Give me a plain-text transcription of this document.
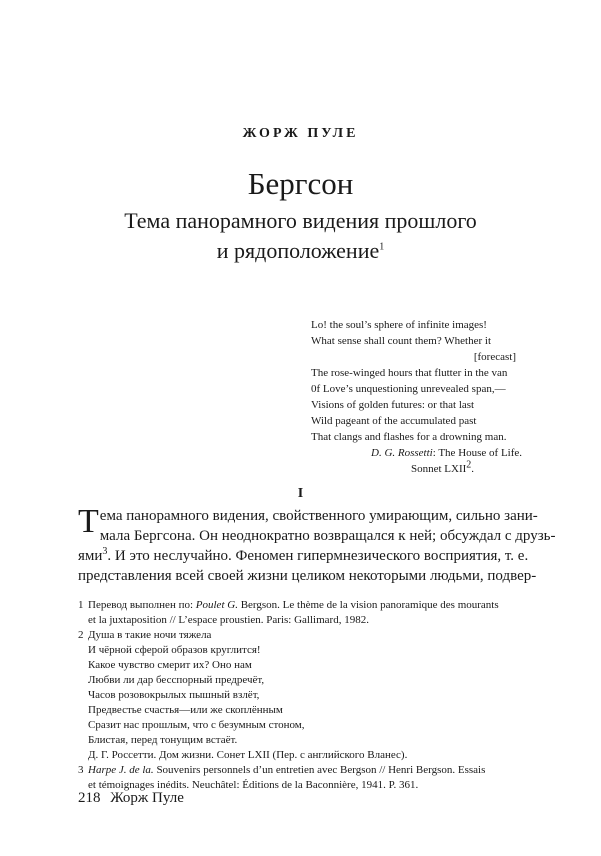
ЖОРЖ ПУЛЕ
Бергсон
Тема панорамного видения прошлого
и рядоположение$^1$
Lo! the soul’s sphere of infinite images!
What sense shall count them? Whether it
[forecast]
The rose-winged hours that flutter in the van
0f Love’s unquestioning unrevealed span,—
Visions of golden futures: or that last
Wild pageant of the accumulated past
That clangs and flashes for a drowning man.
D. G. Rossetti: The House of Life.
Sonnet LXII$^2$.
I
Т ема панорамного видения, свойственного умирающим, сильно зани-
мала Бергсона. Он неоднократно возвращался к ней; обсуждал с друзь-
ями$^3$. И это неслучайно. Феномен гипермнезического восприятия, т. е.
представления всей своей жизни целиком некоторыми людьми, подвер-
1 Перевод выполнен по: Poulet G. Bergson. Le thème de la vision panoramique des mourants
et la juxtaposition // L’espace proustien. Paris: Gallimard, 1982.
2 Душа в такие ночи тяжела
И чёрной сферой образов круглится!
Какое чувство смерит их? Оно нам
Любви ли дар бесспорный предречёт,
Часов розовокрылых пышный взлёт,
Предвестье счастья—или же скоплённым
Сразит нас прошлым, что с безумным стоном,
Блистая, перед тонущим встаёт.
Д. Г. Россетти. Дом жизни. Сонет LXII (Пер. с английского Вланес).
3 Harpe J. de la. Souvenirs personnels d’un entretien avec Bergson // Henri Bergson. Essais
et témoignages inédits. Neuchâtel: Éditions de la Baconnière, 1941. P. 361.
218 Жорж Пуле
